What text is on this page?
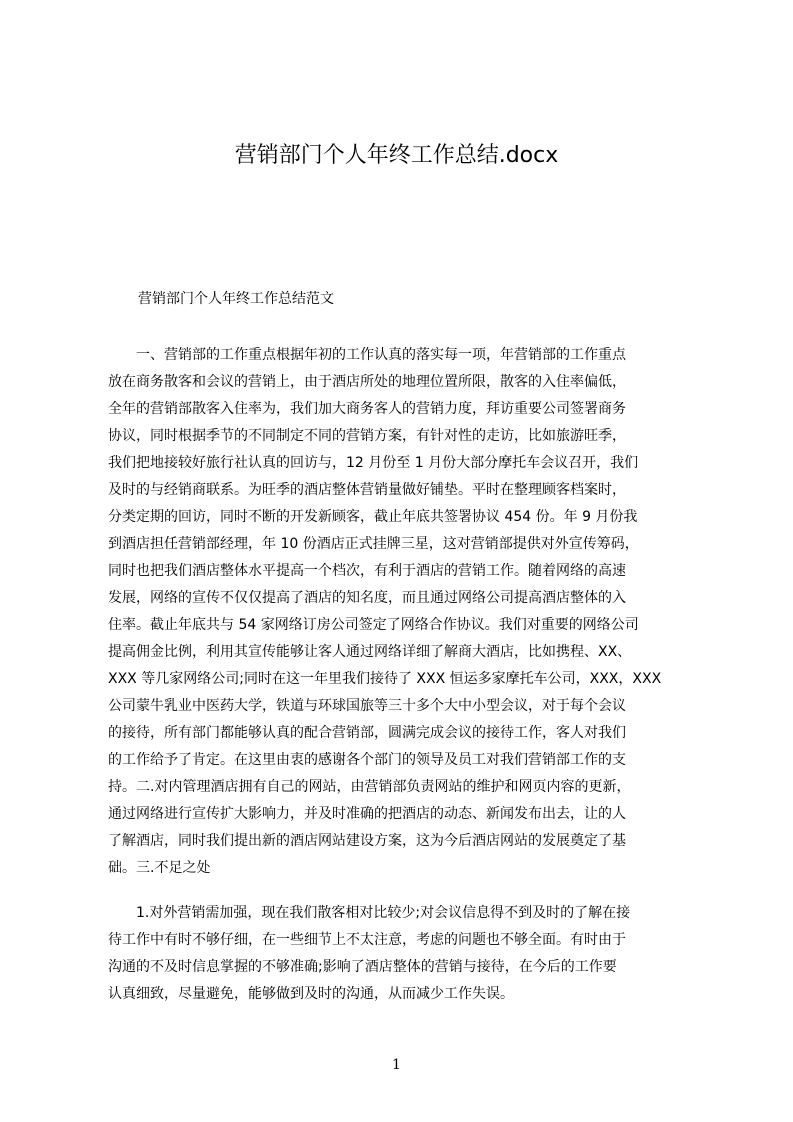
营销部门个人年终工作总结.docx
营销部门个人年终工作总结范文
　　一、营销部的工作重点根据年初的工作认真的落实每一项，年营销部的工作重点
放在商务散客和会议的营销上，由于酒店所处的地理位置所限，散客的入住率偏低，
全年的营销部散客入住率为，我们加大商务客人的营销力度，拜访重要公司签署商务
协议，同时根据季节的不同制定不同的营销方案，有针对性的走访，比如旅游旺季，
我们把地接较好旅行社认真的回访与，12 月份至 1 月份大部分摩托车会议召开，我们
及时的与经销商联系。为旺季的酒店整体营销量做好铺垫。平时在整理顾客档案时，
分类定期的回访，同时不断的开发新顾客，截止年底共签署协议 454 份。年 9 月份我
到酒店担任营销部经理，年 10 份酒店正式挂牌三星，这对营销部提供对外宣传筹码，
同时也把我们酒店整体水平提高一个档次，有利于酒店的营销工作。随着网络的高速
发展，网络的宣传不仅仅提高了酒店的知名度，而且通过网络公司提高酒店整体的入
住率。截止年底共与 54 家网络订房公司签定了网络合作协议。我们对重要的网络公司
提高佣金比例，利用其宣传能够让客人通过网络详细了解商大酒店，比如携程、XX、
XXX 等几家网络公司;同时在这一年里我们接待了 XXX 恒运多家摩托车公司，XXX，XXX
公司蒙牛乳业中医药大学，铁道与环球国旅等三十多个大中小型会议，对于每个会议
的接待，所有部门都能够认真的配合营销部，圆满完成会议的接待工作，客人对我们
的工作给予了肯定。在这里由衷的感谢各个部门的领导及员工对我们营销部工作的支
持。二.对内管理酒店拥有自己的网站，由营销部负责网站的维护和网页内容的更新，
通过网络进行宣传扩大影响力，并及时准确的把酒店的动态、新闻发布出去，让的人
了解酒店，同时我们提出新的酒店网站建设方案，这为今后酒店网站的发展奠定了基
础。三.不足之处
　　1.对外营销需加强，现在我们散客相对比较少;对会议信息得不到及时的了解在接
待工作中有时不够仔细，在一些细节上不太注意，考虑的问题也不够全面。有时由于
沟通的不及时信息掌握的不够准确;影响了酒店整体的营销与接待，在今后的工作要
认真细致，尽量避免，能够做到及时的沟通，从而减少工作失误。
1
